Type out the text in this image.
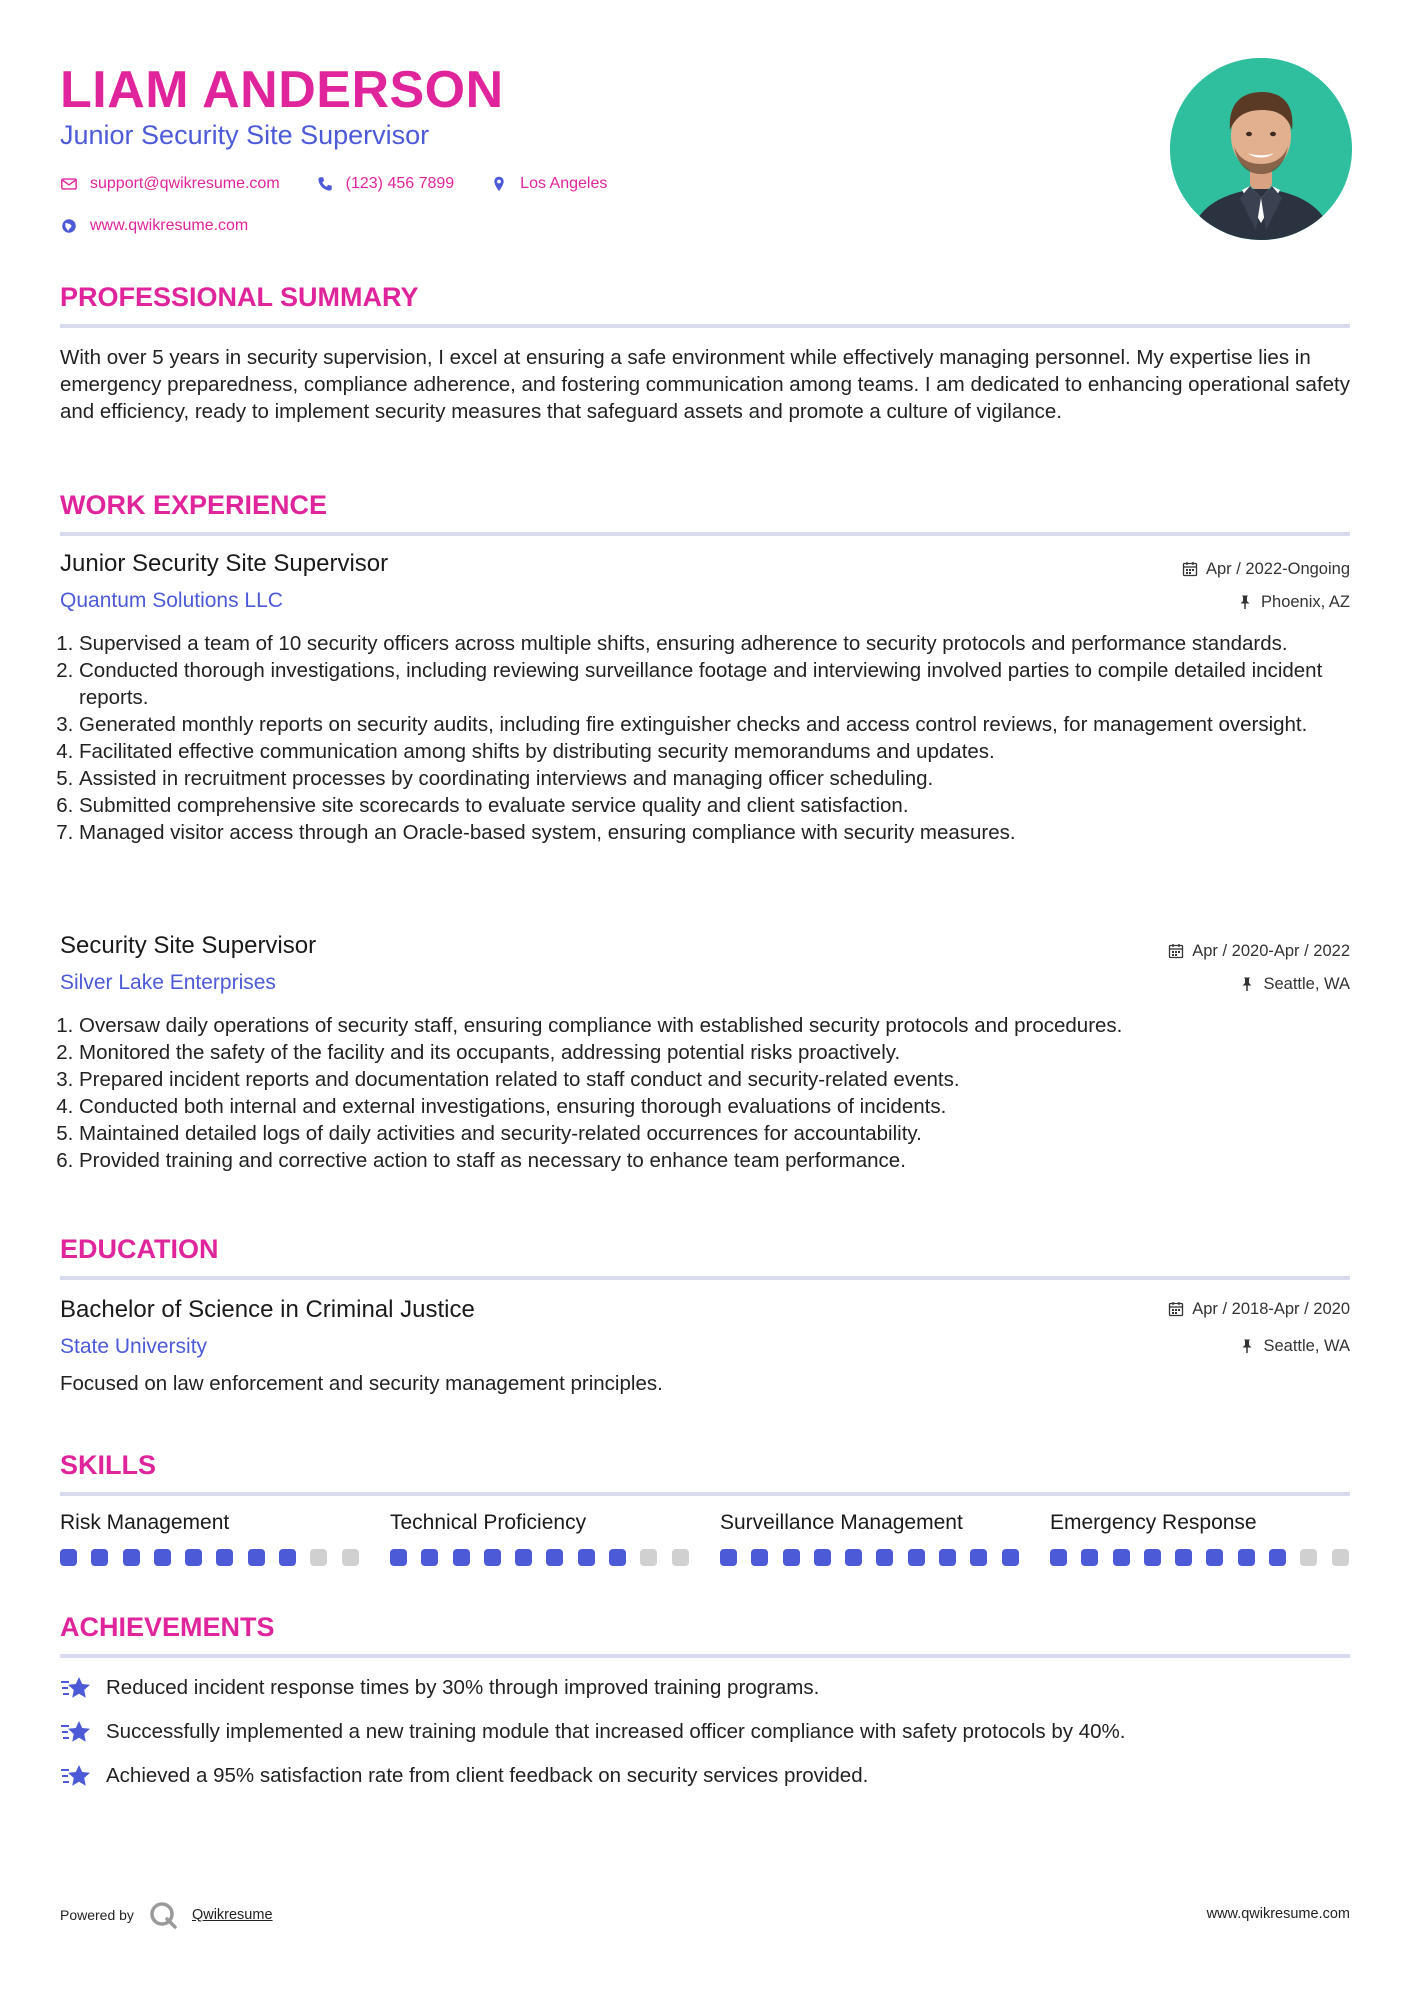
LIAM ANDERSON
Junior Security Site Supervisor
support@qwikresume.com	(123) 456 7899	Los Angeles
www.qwikresume.com
PROFESSIONAL SUMMARY

With over 5 years in security supervision, I excel at ensuring a safe environment while effectively managing personnel. My expertise lies in emergency preparedness, compliance adherence, and fostering communication among teams. I am dedicated to enhancing operational safety and efficiency, ready to implement security measures that safeguard assets and promote a culture of vigilance.

WORK EXPERIENCE
Junior Security Site Supervisor	Apr / 2022-Ongoing
Quantum Solutions LLC	Phoenix, AZ
1. Supervised a team of 10 security officers across multiple shifts, ensuring adherence to security protocols and performance standards.
2. Conducted thorough investigations, including reviewing surveillance footage and interviewing involved parties to compile detailed incident reports.
3. Generated monthly reports on security audits, including fire extinguisher checks and access control reviews, for management oversight.
4. Facilitated effective communication among shifts by distributing security memorandums and updates.
5. Assisted in recruitment processes by coordinating interviews and managing officer scheduling.
6. Submitted comprehensive site scorecards to evaluate service quality and client satisfaction.
7. Managed visitor access through an Oracle-based system, ensuring compliance with security measures.
Security Site Supervisor	Apr / 2020-Apr / 2022
Silver Lake Enterprises	Seattle, WA
1. Oversaw daily operations of security staff, ensuring compliance with established security protocols and procedures.
2. Monitored the safety of the facility and its occupants, addressing potential risks proactively.
3. Prepared incident reports and documentation related to staff conduct and security-related events.
4. Conducted both internal and external investigations, ensuring thorough evaluations of incidents.
5. Maintained detailed logs of daily activities and security-related occurrences for accountability.
6. Provided training and corrective action to staff as necessary to enhance team performance.
EDUCATION
Bachelor of Science in Criminal Justice	Apr / 2018-Apr / 2020
State University	Seattle, WA

Focused on law enforcement and security management principles.

SKILLS
Risk Management	Technical Proficiency	Surveillance Management	Emergency Response
ACHIEVEMENTS
Reduced incident response times by 30% through improved training programs.
Successfully implemented a new training module that increased officer compliance with safety protocols by 40%.
Achieved a 95% satisfaction rate from client feedback on security services provided.
Powered by	Qwikresume	www.qwikresume.com
